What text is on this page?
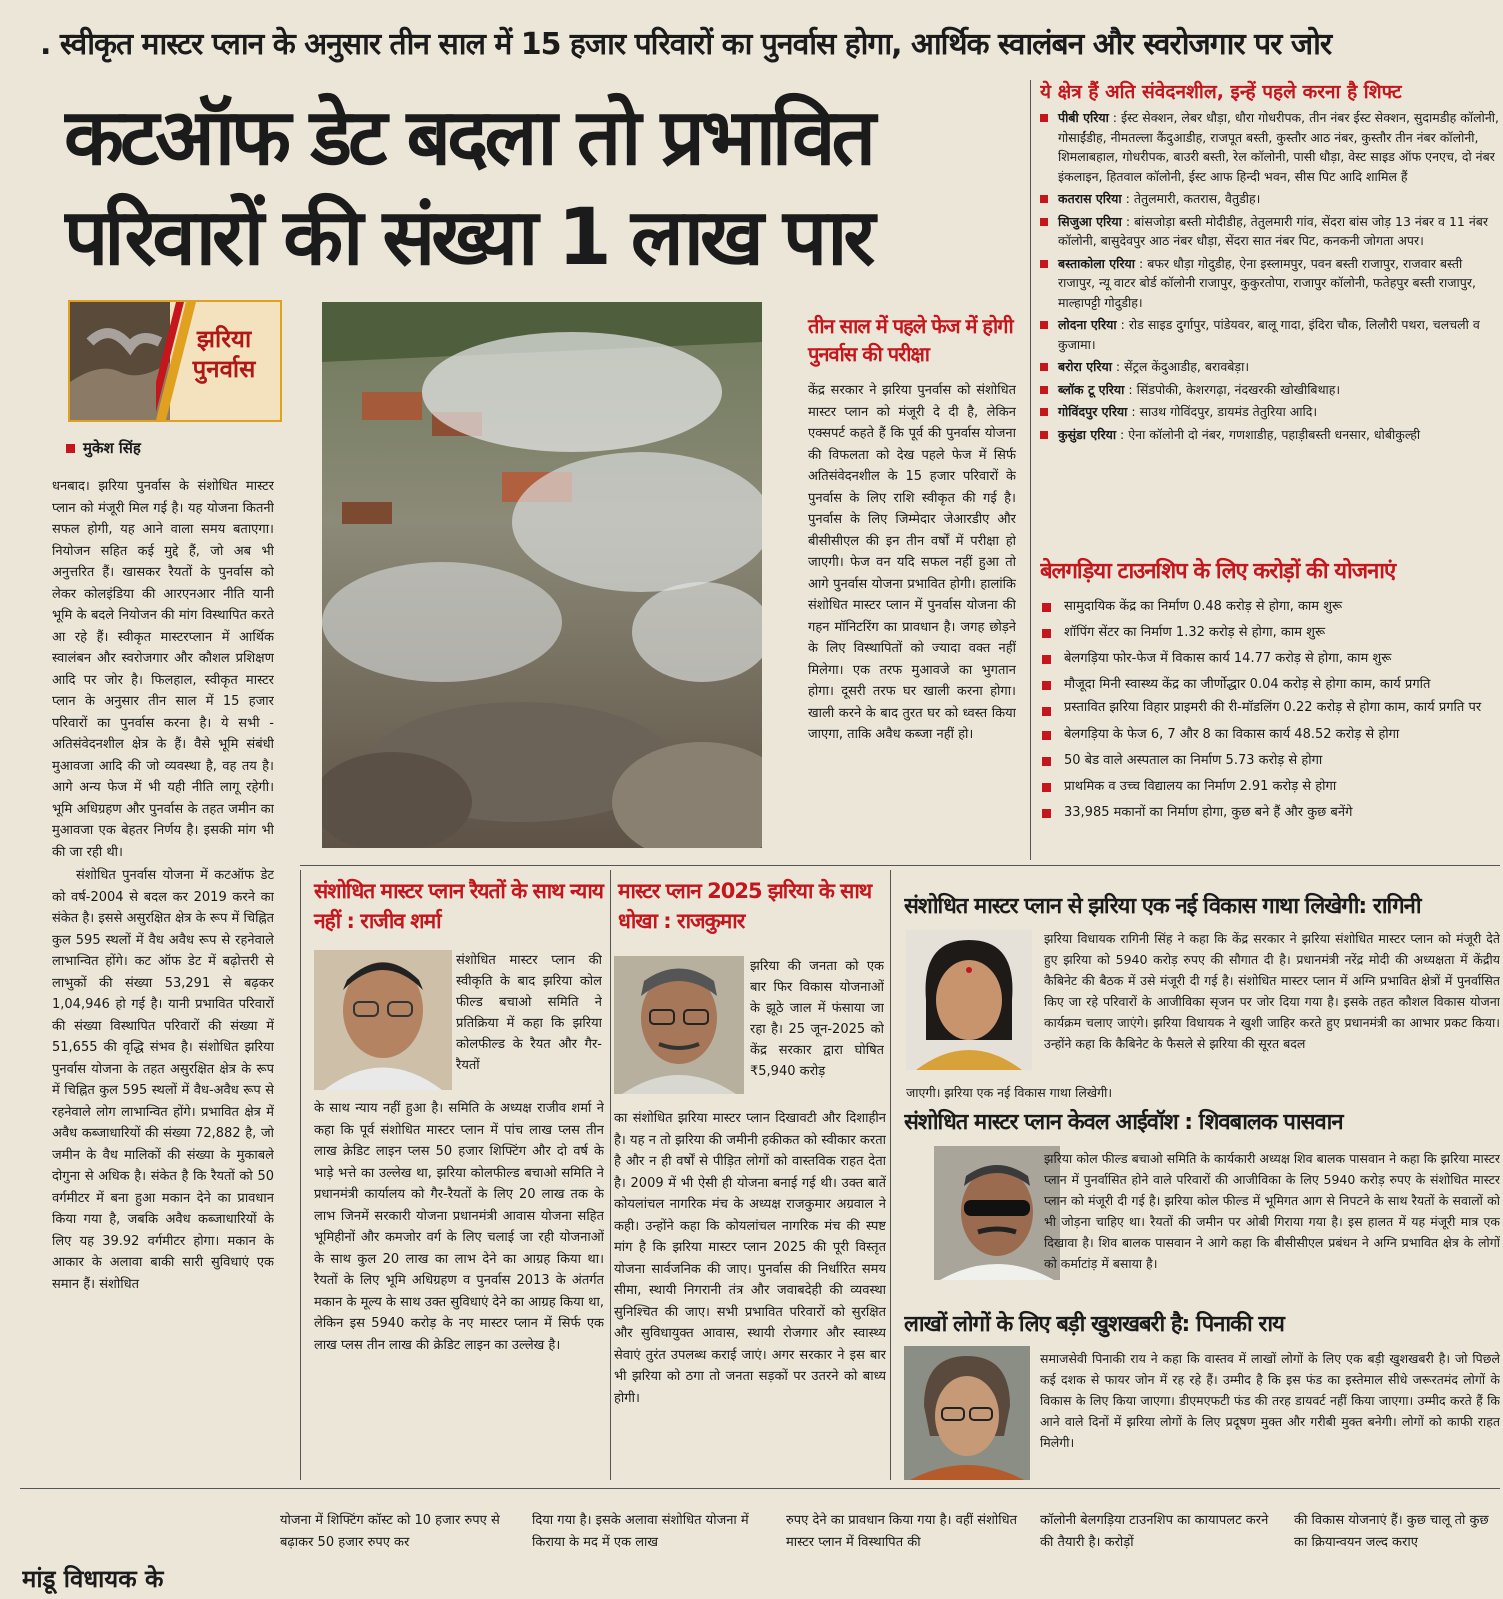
. स्वीकृत मास्टर प्लान के अनुसार तीन साल में 15 हजार परिवारों का पुनर्वास होगा, आर्थिक स्वालंबन और स्वरोजगार पर जोर
कटऑफ डेट बदला तो प्रभावित
परिवारों की संख्या 1 लाख पार
झरिया
पुनर्वास
मुकेश सिंह
धनबाद। झरिया पुनर्वास के संशोधित मास्टर प्लान को मंजूरी मिल गई है। यह योजना कितनी सफल होगी, यह आने वाला समय बताएगा। नियोजन सहित कई मुद्दे हैं, जो अब भी अनुत्तरित हैं। खासकर रैयतों के पुनर्वास को लेकर कोलइंडिया की आरएनआर नीति यानी भूमि के बदले नियोजन की मांग विस्थापित करते आ रहे हैं। स्वीकृत मास्टरप्लान में आर्थिक स्वालंबन और स्वरोजगार और कौशल प्रशिक्षण आदि पर जोर है। फिलहाल, स्वीकृत मास्टर प्लान के अनुसार तीन साल में 15 हजार परिवारों का पुनर्वास करना है। ये सभी - अतिसंवेदनशील क्षेत्र के हैं। वैसे भूमि संबंधी मुआवजा आदि की जो व्यवस्था है, वह तय है। आगे अन्य फेज में भी यही नीति लागू रहेगी। भूमि अधिग्रहण और पुनर्वास के तहत जमीन का मुआवजा एक बेहतर निर्णय है। इसकी मांग भी की जा रही थी।
संशोधित पुनर्वास योजना में कटऑफ डेट को वर्ष-2004 से बदल कर 2019 करने का संकेत है। इससे असुरक्षित क्षेत्र के रूप में चिह्नित कुल 595 स्थलों में वैध अवैध रूप से रहनेवाले लाभान्वित होंगे। कट ऑफ डेट में बढ़ोत्तरी से लाभुकों की संख्या 53,291 से बढ़कर 1,04,946 हो गई है। यानी प्रभावित परिवारों की संख्या विस्थापित परिवारों की संख्या में 51,655 की वृद्धि संभव है। संशोधित झरिया पुनर्वास योजना के तहत असुरक्षित क्षेत्र के रूप में चिह्नित कुल 595 स्थलों में वैध-अवैध रूप से रहनेवाले लोग लाभान्वित होंगे। प्रभावित क्षेत्र में अवैध कब्जाधारियों की संख्या 72,882 है, जो जमीन के वैध मालिकों की संख्या के मुकाबले दोगुना से अधिक है। संकेत है कि रैयतों को 50 वर्गमीटर में बना हुआ मकान देने का प्रावधान किया गया है, जबकि अवैध कब्जाधारियों के लिए यह 39.92 वर्गमीटर होगा। मकान के आकार के अलावा बाकी सारी सुविधाएं एक समान हैं। संशोधित
मांडू विधायक के
तीन साल में पहले फेज में होगी पुनर्वास की परीक्षा
केंद्र सरकार ने झरिया पुनर्वास को संशोधित मास्टर प्लान को मंजूरी दे दी है, लेकिन एक्सपर्ट कहते हैं कि पूर्व की पुनर्वास योजना की विफलता को देख पहले फेज में सिर्फ अतिसंवेदनशील के 15 हजार परिवारों के पुनर्वास के लिए राशि स्वीकृत की गई है। पुनर्वास के लिए जिम्मेदार जेआरडीए और बीसीसीएल की इन तीन वर्षों में परीक्षा हो जाएगी। फेज वन यदि सफल नहीं हुआ तो आगे पुनर्वास योजना प्रभावित होगी। हालांकि संशोधित मास्टर प्लान में पुनर्वास योजना की गहन मॉनिटरिंग का प्रावधान है। जगह छोड़ने के लिए विस्थापितों को ज्यादा वक्त नहीं मिलेगा। एक तरफ मुआवजे का भुगतान होगा। दूसरी तरफ घर खाली करना होगा। खाली करने के बाद तुरत घर को ध्वस्त किया जाएगा, ताकि अवैध कब्जा नहीं हो।
ये क्षेत्र हैं अति संवेदनशील, इन्हें पहले करना है शिफ्ट
पीबी एरिया : ईस्ट सेक्शन, लेबर धौड़ा, धौरा गोधरीपक, तीन नंबर ईस्ट सेक्शन, सुदामडीह कॉलोनी, गोसाईंडीह, नीमतल्ला कैंदुआडीह, राजपूत बस्ती, कुस्तौर आठ नंबर, कुस्तौर तीन नंबर कॉलोनी, शिमलाबहाल, गोधरीपक, बाउरी बस्ती, रेल कॉलोनी, पासी धौड़ा, वेस्ट साइड ऑफ एनएच, दो नंबर इंकलाइन, हितवाल कॉलोनी, ईस्ट आफ हिन्दी भवन, सीस पिट आदि शामिल हैं
कतरास एरिया : तेतुलमारी, कतरास, वैतुडीह।
सिजुआ एरिया : बांसजोड़ा बस्ती मोदीडीह, तेतुलमारी गांव, सेंदरा बांस जोड़ 13 नंबर व 11 नंबर कॉलोनी, बासुदेवपुर आठ नंबर धौड़ा, सेंदरा सात नंबर पिट, कनकनी जोगता अपर।
बस्ताकोला एरिया : बफर धौड़ा गोदुडीह, ऐना इस्लामपुर, पवन बस्ती राजापुर, राजवार बस्ती राजापुर, न्यू वाटर बोर्ड कॉलोनी राजापुर, कुकुरतोपा, राजापुर कॉलोनी, फतेहपुर बस्ती राजापुर, माल्हापट्टी गोदुडीह।
लोदना एरिया : रोड साइड दुर्गापुर, पांडेयवर, बालू गादा, इंदिरा चौक, लिलौरी पथरा, चलचली व कुजामा।
बरोरा एरिया : सेंट्रल केंदुआडीह, बरावबेड़ा।
ब्लॉक टू एरिया : सिंडपोकी, केशरगढ़ा, नंदखरकी खोखीबिथाह।
गोविंदपुर एरिया : साउथ गोविंदपुर, डायमंड तेतुरिया आदि।
कुसुंडा एरिया : ऐना कॉलोनी दो नंबर, गणशाडीह, पहाड़ीबस्ती धनसार, धोबीकुल्ही
बेलगड़िया टाउनशिप के लिए करोड़ों की योजनाएं
सामुदायिक केंद्र का निर्माण 0.48 करोड़ से होगा, काम शुरू
शॉपिंग सेंटर का निर्माण 1.32 करोड़ से होगा, काम शुरू
बेलगड़िया फोर-फेज में विकास कार्य 14.77 करोड़ से होगा, काम शुरू
मौजूदा मिनी स्वास्थ्य केंद्र का जीर्णोद्धार 0.04 करोड़ से होगा काम, कार्य प्रगति
प्रस्तावित झरिया विहार प्राइमरी की री-मॉडलिंग 0.22 करोड़ से होगा काम, कार्य प्रगति पर
बेलगड़िया के फेज 6, 7 और 8 का विकास कार्य 48.52 करोड़ से होगा
50 बेड वाले अस्पताल का निर्माण 5.73 करोड़ से होगा
प्राथमिक व उच्च विद्यालय का निर्माण 2.91 करोड़ से होगा
33,985 मकानों का निर्माण होगा, कुछ बने हैं और कुछ बनेंगे
संशोधित मास्टर प्लान रैयतों के साथ न्याय नहीं : राजीव शर्मा
संशोधित मास्टर प्लान की स्वीकृति के बाद झरिया कोल फील्ड बचाओ समिति ने प्रतिक्रिया में कहा कि झरिया कोलफील्ड के रैयत और गैर-रैयतों
के साथ न्याय नहीं हुआ है। समिति के अध्यक्ष राजीव शर्मा ने कहा कि पूर्व संशोधित मास्टर प्लान में पांच लाख प्लस तीन लाख क्रेडिट लाइन प्लस 50 हजार शिफ्टिंग और दो वर्ष के भाड़े भत्ते का उल्लेख था, झरिया कोलफील्ड बचाओ समिति ने प्रधानमंत्री कार्यालय को गैर-रैयतों के लिए 20 लाख तक के लाभ जिनमें सरकारी योजना प्रधानमंत्री आवास योजना सहित भूमिहीनों और कमजोर वर्ग के लिए चलाई जा रही योजनाओं के साथ कुल 20 लाख का लाभ देने का आग्रह किया था। रैयतों के लिए भूमि अधिग्रहण व पुनर्वास 2013 के अंतर्गत मकान के मूल्य के साथ उक्त सुविधाएं देने का आग्रह किया था, लेकिन इस 5940 करोड़ के नए मास्टर प्लान में सिर्फ एक लाख प्लस तीन लाख की क्रेडिट लाइन का उल्लेख है।
मास्टर प्लान 2025 झरिया के साथ धोखा : राजकुमार
झरिया की जनता को एक बार फिर विकास योजनाओं के झूठे जाल में फंसाया जा रहा है। 25 जून-2025 को केंद्र सरकार द्वारा घोषित ₹5,940 करोड़
का संशोधित झरिया मास्टर प्लान दिखावटी और दिशाहीन है। यह न तो झरिया की जमीनी हकीकत को स्वीकार करता है और न ही वर्षों से पीड़ित लोगों को वास्तविक राहत देता है। 2009 में भी ऐसी ही योजना बनाई गई थी। उक्त बातें कोयलांचल नागरिक मंच के अध्यक्ष राजकुमार अग्रवाल ने कही। उन्होंने कहा कि कोयलांचल नागरिक मंच की स्पष्ट मांग है कि झरिया मास्टर प्लान 2025 की पूरी विस्तृत योजना सार्वजनिक की जाए। पुनर्वास की निर्धारित समय सीमा, स्थायी निगरानी तंत्र और जवाबदेही की व्यवस्था सुनिश्चित की जाए। सभी प्रभावित परिवारों को सुरक्षित और सुविधायुक्त आवास, स्थायी रोजगार और स्वास्थ्य सेवाएं तुरंत उपलब्ध कराई जाएं। अगर सरकार ने इस बार भी झरिया को ठगा तो जनता सड़कों पर उतरने को बाध्य होगी।
संशोधित मास्टर प्लान से झरिया एक नई विकास गाथा लिखेगी: रागिनी
झरिया विधायक रागिनी सिंह ने कहा कि केंद्र सरकार ने झरिया संशोधित मास्टर प्लान को मंजूरी देते हुए झरिया को 5940 करोड़ रुपए की सौगात दी है। प्रधानमंत्री नरेंद्र मोदी की अध्यक्षता में केंद्रीय कैबिनेट की बैठक में उसे मंजूरी दी गई है। संशोधित मास्टर प्लान में अग्नि प्रभावित क्षेत्रों में पुनर्वासित किए जा रहे परिवारों के आजीविका सृजन पर जोर दिया गया है। इसके तहत कौशल विकास योजना कार्यक्रम चलाए जाएंगे। झरिया विधायक ने खुशी जाहिर करते हुए प्रधानमंत्री का आभार प्रकट किया। उन्होंने कहा कि कैबिनेट के फैसले से झरिया की सूरत बदल
जाएगी। झरिया एक नई विकास गाथा लिखेगी।
संशोधित मास्टर प्लान केवल आईवॉश : शिवबालक पासवान
झरिया कोल फील्ड बचाओ समिति के कार्यकारी अध्यक्ष शिव बालक पासवान ने कहा कि झरिया मास्टर प्लान में पुनर्वासित होने वाले परिवारों की आजीविका के लिए 5940 करोड़ रुपए के संशोधित मास्टर प्लान को मंजूरी दी गई है। झरिया कोल फील्ड में भूमिगत आग से निपटने के साथ रैयतों के सवालों को भी जोड़ना चाहिए था। रैयतों की जमीन पर ओबी गिराया गया है। इस हालत में यह मंजूरी मात्र एक दिखावा है। शिव बालक पासवान ने आगे कहा कि बीसीसीएल प्रबंधन ने अग्नि प्रभावित क्षेत्र के लोगों को कर्माटांड़ में बसाया है।
लाखों लोगों के लिए बड़ी खुशखबरी है: पिनाकी राय
समाजसेवी पिनाकी राय ने कहा कि वास्तव में लाखों लोगों के लिए एक बड़ी खुशखबरी है। जो पिछले कई दशक से फायर जोन में रह रहे हैं। उम्मीद है कि इस फंड का इस्तेमाल सीधे जरूरतमंद लोगों के विकास के लिए किया जाएगा। डीएमएफटी फंड की तरह डायवर्ट नहीं किया जाएगा। उम्मीद करते हैं कि आने वाले दिनों में झरिया लोगों के लिए प्रदूषण मुक्त और गरीबी मुक्त बनेगी। लोगों को काफी राहत मिलेगी।
योजना में शिफ्टिंग कॉस्ट को 10 हजार रुपए से बढ़ाकर 50 हजार रुपए कर
दिया गया है। इसके अलावा संशोधित योजना में किराया के मद में एक लाख
रुपए देने का प्रावधान किया गया है। वहीं संशोधित मास्टर प्लान में विस्थापित की
कॉलोनी बेलगड़िया टाउनशिप का कायापलट करने की तैयारी है। करोड़ों
की विकास योजनाएं हैं। कुछ चालू तो कुछ का क्रियान्वयन जल्द कराए
